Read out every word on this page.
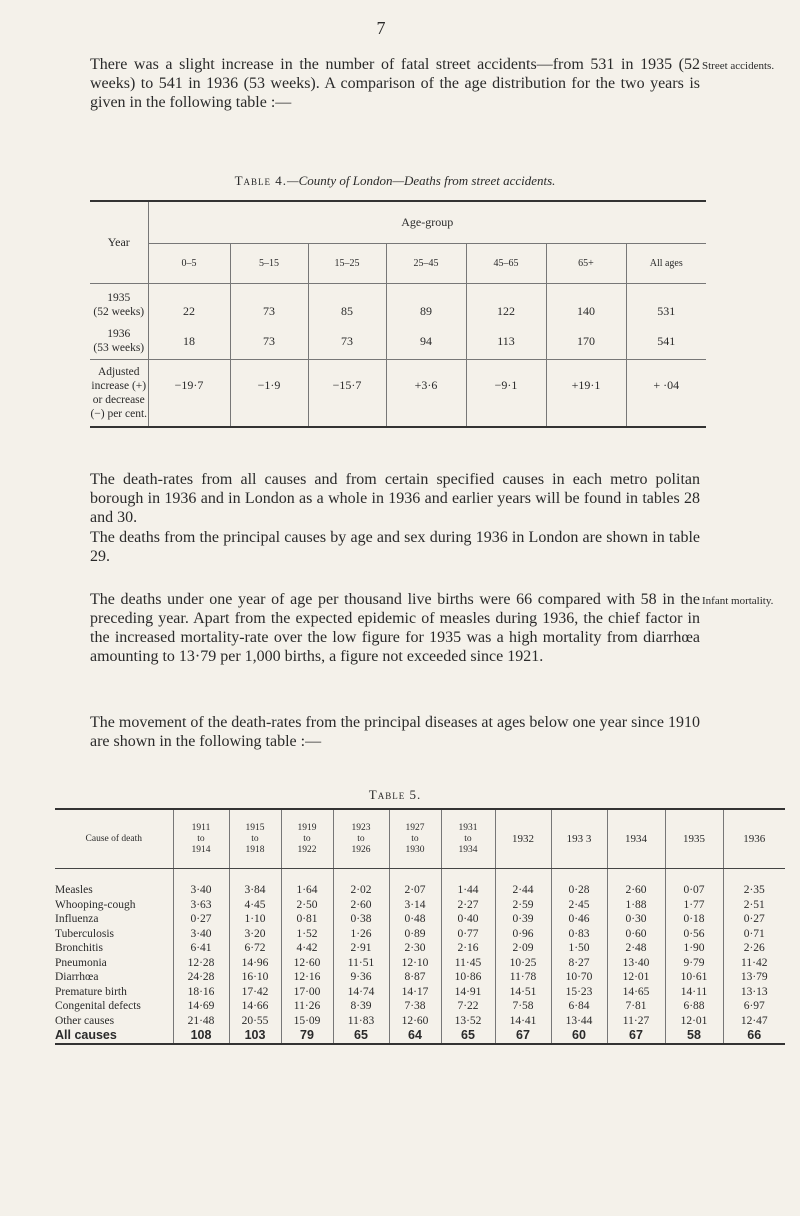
7

There was a slight increase in the number of fatal street accidents—from 531 in 1935 (52 weeks) to 541 in 1936 (53 weeks). A comparison of the age distribution for the two years is given in the following table :—

Street accidents.
Table 4.—County of London—Deaths from street accidents.
Year	Age-group						
	0–5	5–15	15–25	25–45	45–65	65+	All ages
1935
(52 weeks)	22	73	85	89	122	140	531
1936
(53 weeks)	18	73	73	94	113	170	541
Adjusted
increase (+)
or decrease
(−) per cent.	−19·7	−1·9	−15·7	+3·6	−9·1	+19·1	+ ·04

The death-rates from all causes and from certain specified causes in each metro politan borough in 1936 and in London as a whole in 1936 and earlier years will be found in tables 28 and 30.

The deaths from the principal causes by age and sex during 1936 in London are shown in table 29.

The deaths under one year of age per thousand live births were 66 compared with 58 in the preceding year. Apart from the expected epidemic of measles during 1936, the chief factor in the increased mortality-rate over the low figure for 1935 was a high mortality from diarrhœa amounting to 13·79 per 1,000 births, a figure not exceeded since 1921.

Infant mortality.

The movement of the death-rates from the principal diseases at ages below one year since 1910 are shown in the following table :—

Table 5.
Cause of death	1911
to
1914	1915
to
1918	1919
to
1922	1923
to
1926	1927
to
1930	1931
to
1934	1932	193 3	1934	1935	1936
Measles	3·40	3·84	1·64	2·02	2·07	1·44	2·44	0·28	2·60	0·07	2·35
Whooping-cough	3·63	4·45	2·50	2·60	3·14	2·27	2·59	2·45	1·88	1·77	2·51
Influenza	0·27	1·10	0·81	0·38	0·48	0·40	0·39	0·46	0·30	0·18	0·27
Tuberculosis	3·40	3·20	1·52	1·26	0·89	0·77	0·96	0·83	0·60	0·56	0·71
Bronchitis	6·41	6·72	4·42	2·91	2·30	2·16	2·09	1·50	2·48	1·90	2·26
Pneumonia	12·28	14·96	12·60	11·51	12·10	11·45	10·25	8·27	13·40	9·79	11·42
Diarrhœa	24·28	16·10	12·16	9·36	8·87	10·86	11·78	10·70	12·01	10·61	13·79
Premature birth	18·16	17·42	17·00	14·74	14·17	14·91	14·51	15·23	14·65	14·11	13·13
Congenital defects	14·69	14·66	11·26	8·39	7·38	7·22	7·58	6·84	7·81	6·88	6·97
Other causes	21·48	20·55	15·09	11·83	12·60	13·52	14·41	13·44	11·27	12·01	12·47
All causes	108	103	79	65	64	65	67	60	67	58	66
